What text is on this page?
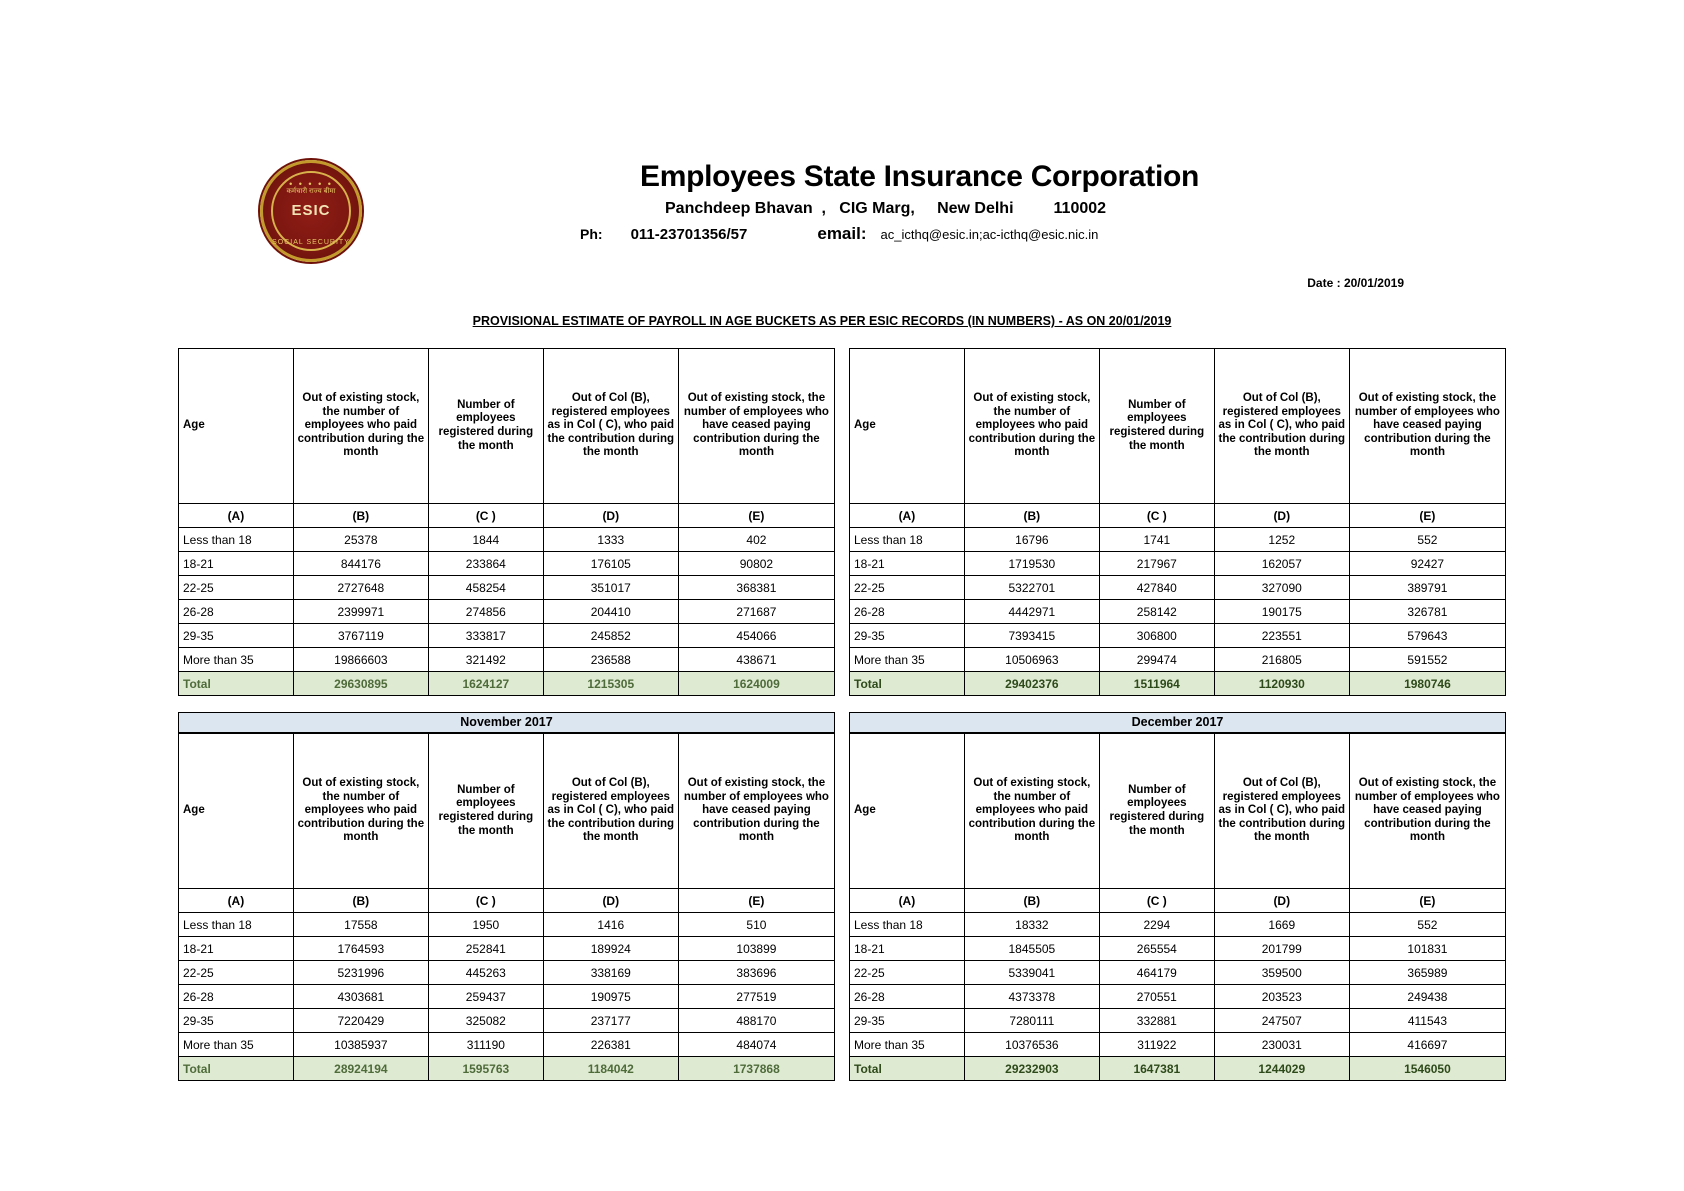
• • • • •
कर्मचारी राज्य बीमा
ESIC
SOCIAL SECURITY
Employees State Insurance Corporation
Panchdeep Bhavan  ,   CIG Marg,     New Delhi         110002
Ph: 011-23701356/57	email: ac_icthq@esic.in;ac-icthq@esic.nic.in
Date : 20/01/2019
PROVISIONAL ESTIMATE OF PAYROLL IN AGE BUCKETS AS PER ESIC RECORDS (IN NUMBERS) - AS ON 20/01/2019
Age	Out of existing stock, the number of employees who paid contribution during the month	Number of employees registered during the month	Out of Col (B), registered employees as in Col ( C), who paid the contribution during the month	Out of existing stock, the number of employees who have ceased paying contribution during the month
(A)	(B)	(C )	(D)	(E)
Less than 18	25378	1844	1333	402
18-21	844176	233864	176105	90802
22-25	2727648	458254	351017	368381
26-28	2399971	274856	204410	271687
29-35	3767119	333817	245852	454066
More than 35	19866603	321492	236588	438671
Total	29630895	1624127	1215305	1624009
Age	Out of existing stock, the number of employees who paid contribution during the month	Number of employees registered during the month	Out of Col (B), registered employees as in Col ( C), who paid the contribution during the month	Out of existing stock, the number of employees who have ceased paying contribution during the month
(A)	(B)	(C )	(D)	(E)
Less than 18	16796	1741	1252	552
18-21	1719530	217967	162057	92427
22-25	5322701	427840	327090	389791
26-28	4442971	258142	190175	326781
29-35	7393415	306800	223551	579643
More than 35	10506963	299474	216805	591552
Total	29402376	1511964	1120930	1980746
November 2017
Age	Out of existing stock, the number of employees who paid contribution during the month	Number of employees registered during the month	Out of Col (B), registered employees as in Col ( C), who paid the contribution during the month	Out of existing stock, the number of employees who have ceased paying contribution during the month
(A)	(B)	(C )	(D)	(E)
Less than 18	17558	1950	1416	510
18-21	1764593	252841	189924	103899
22-25	5231996	445263	338169	383696
26-28	4303681	259437	190975	277519
29-35	7220429	325082	237177	488170
More than 35	10385937	311190	226381	484074
Total	28924194	1595763	1184042	1737868
December 2017
Age	Out of existing stock, the number of employees who paid contribution during the month	Number of employees registered during the month	Out of Col (B), registered employees as in Col ( C), who paid the contribution during the month	Out of existing stock, the number of employees who have ceased paying contribution during the month
(A)	(B)	(C )	(D)	(E)
Less than 18	18332	2294	1669	552
18-21	1845505	265554	201799	101831
22-25	5339041	464179	359500	365989
26-28	4373378	270551	203523	249438
29-35	7280111	332881	247507	411543
More than 35	10376536	311922	230031	416697
Total	29232903	1647381	1244029	1546050
